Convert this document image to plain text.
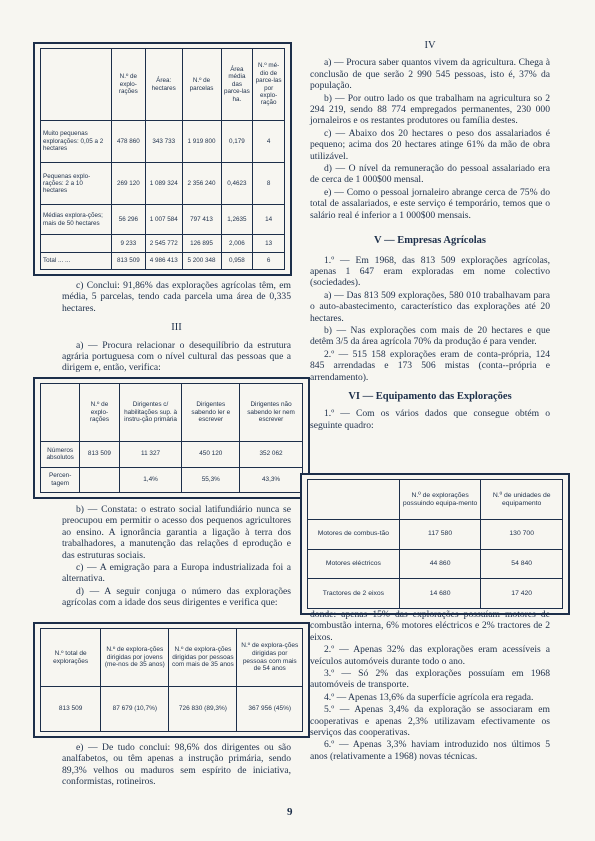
	N.º de explo-rações	Área: hectares	N.º de parcelas	Área média das parce-las ha.	N.º mé-dio de parce-las por explo-ração
Muito pequenas explorações: 0,05 a 2 hectares	478 860	343 733	1 919 800	0,179	4
Pequenas explo-rações: 2 a 10 hectares	269 120	1 089 324	2 356 240	0,4623	8
Médias explora-ções; mais de 50 hectares	56 296	1 007 584	797 413	1,2635	14
	9 233	2 545 772	126 895	2,006	13
Total ... ...	813 509	4 986 413	5 200 348	0,958	6

c) Conclui: 91,86% das explorações agrícolas têm, em média, 5 parcelas, tendo cada parcela uma área de 0,335 hectares.

III

a) — Procura relacionar o desequilíbrio da estrutura agrária portuguesa com o nível cultural das pessoas que a dirigem e, então, verifica:

	N.º de explo-rações	Dirigentes c/ habilitações sup. à instru-ção primária	Dirigentes sabendo ler e escrever	Dirigentes não sabendo ler nem escrever
Números absolutos	813 509	11 327	450 120	352 062
Percen-tagem		1,4%	55,3%	43,3%

b) — Constata: o estrato social latifundiário nunca se preocupou em permitir o acesso dos pequenos agricultores ao ensino. A ignorância garantia a ligação à terra dos trabalhadores, a manutenção das relações d eprodução e das estruturas sociais.

c) — A emigração para a Europa industrializada foi a alternativa.

d) — A seguir conjuga o número das explorações agrícolas com a idade dos seus dirigentes e verifica que:

N.º total de explorações	N.º de explora-ções dirigidas por jovens (me-nos de 35 anos)	N.º de explora-ções dirigidas por pessoas com mais de 35 anos	N.º de explora-ções dirigidas por pessoas com mais de 54 anos
813 509	87 679 (10,7%)	726 830 (89,3%)	367 956 (45%)

e) — De tudo conclui: 98,6% dos dirigentes ou são analfabetos, ou têm apenas a instrução primária, sendo 89,3% velhos ou maduros sem espírito de iniciativa, conformistas, rotineiros.

IV

a) — Procura saber quantos vivem da agricultura. Chega à conclusão de que serão 2 990 545 pessoas, isto é, 37% da população.

b) — Por outro lado os que trabalham na agricultura so 2 294 219, sendo 88 774 empregados permanentes, 230 000 jornaleiros e os restantes produtores ou família destes.

c) — Abaixo dos 20 hectares o peso dos assalariados é pequeno; acima dos 20 hectares atinge 61% da mão de obra utilizável.

d) — O nível da remuneração do pessoal assalariado era de cerca de 1 000$00 mensal.

e) — Como o pessoal jornaleiro abrange cerca de 75% do total de assalariados, e este serviço é temporário, temos que o salário real é inferior a 1 000$00 mensais.

V — Empresas Agrícolas

1.º — Em 1968, das 813 509 explorações agrícolas, apenas 1 647 eram exploradas em nome colectivo (sociedades).

a) — Das 813 509 explorações, 580 010 trabalhavam para o auto-abastecimento, característico das explorações até 20 hectares.

b) — Nas explorações com mais de 20 hectares e que detêm 3/5 da área agrícola 70% da produção é para vender.

2.º — 515 158 explorações eram de conta-própria, 124 845 arrendadas e 173 506 mistas (conta--própria e arrendamento).

VI — Equipamento das Explorações

1.º — Com os vários dados que consegue obtém o seguinte quadro:

	N.º de explorações possuindo equipa-mento	N.º de unidades de equipamento
Motores de combus-tão	117 580	130 700
Motores eléctricos	44 860	54 840
Tractores de 2 eixos	14 680	17 420

donde: apenas 15% das explorações possuíam motores de combustão interna, 6% motores eléctricos e 2% tractores de 2 eixos.

2.º — Apenas 32% das explorações eram acessíveis a veículos automóveis durante todo o ano.

3.º — Só 2% das explorações possuíam em 1968 automóveis de transporte.

4.º — Apenas 13,6% da superfície agrícola era regada.

5.º — Apenas 3,4% da exploração se associaram em cooperativas e apenas 2,3% utilizavam efectivamente os serviços das cooperativas.

6.º — Apenas 3,3% haviam introduzido nos últimos 5 anos (relativamente a 1968) novas técnicas.

9
